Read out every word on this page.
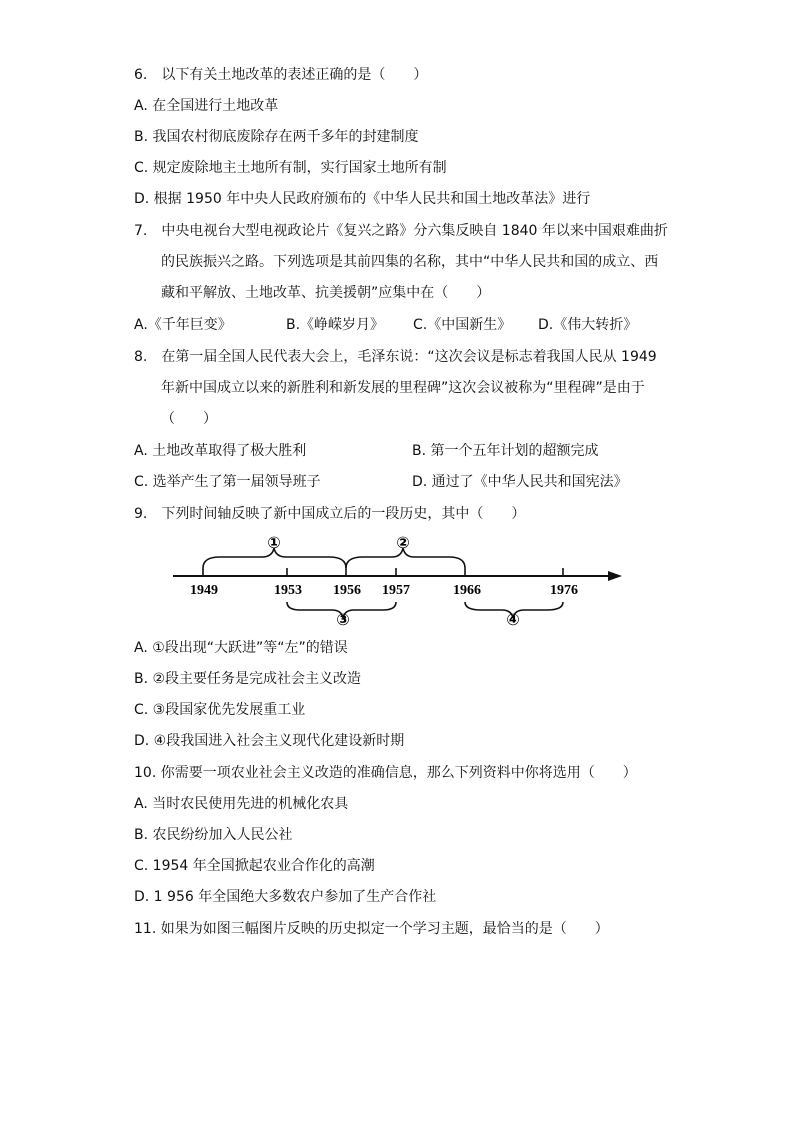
6.　以下有关土地改革的表述正确的是（　　）
A. 在全国进行土地改革
B. 我国农村彻底废除存在两千多年的封建制度
C. 规定废除地主土地所有制，实行国家土地所有制
D. 根据 1950 年中央人民政府颁布的《中华人民共和国土地改革法》进行
7.　中央电视台大型电视政论片《复兴之路》分六集反映自 1840 年以来中国艰难曲折
的民族振兴之路。下列选项是其前四集的名称，其中“中华人民共和国的成立、西
藏和平解放、土地改革、抗美援朝”应集中在（　　）
A.《千年巨变》	B.《峥嵘岁月》 C.《中国新生》 D.《伟大转折》
8.　在第一届全国人民代表大会上，毛泽东说：“这次会议是标志着我国人民从 1949
年新中国成立以来的新胜利和新发展的里程碑”这次会议被称为“里程碑”是由于
（　　）
A. 土地改革取得了极大胜利	B. 第一个五年计划的超额完成
C. 选举产生了第一届领导班子	D. 通过了《中华人民共和国宪法》
9.　下列时间轴反映了新中国成立后的一段历史，其中（　　）
①	②
1949	1953 1956 1957	1966	1976
③	④
A. ①段出现“大跃进”等“左”的错误
B. ②段主要任务是完成社会主义改造
C. ③段国家优先发展重工业
D. ④段我国进入社会主义现代化建设新时期
10. 你需要一项农业社会主义改造的准确信息，那么下列资料中你将选用（　　）
A. 当时农民使用先进的机械化农具
B. 农民纷纷加入人民公社
C. 1954 年全国掀起农业合作化的高潮
D. 1 956 年全国绝大多数农户参加了生产合作社
11. 如果为如图三幅图片反映的历史拟定一个学习主题，最恰当的是（　　）
